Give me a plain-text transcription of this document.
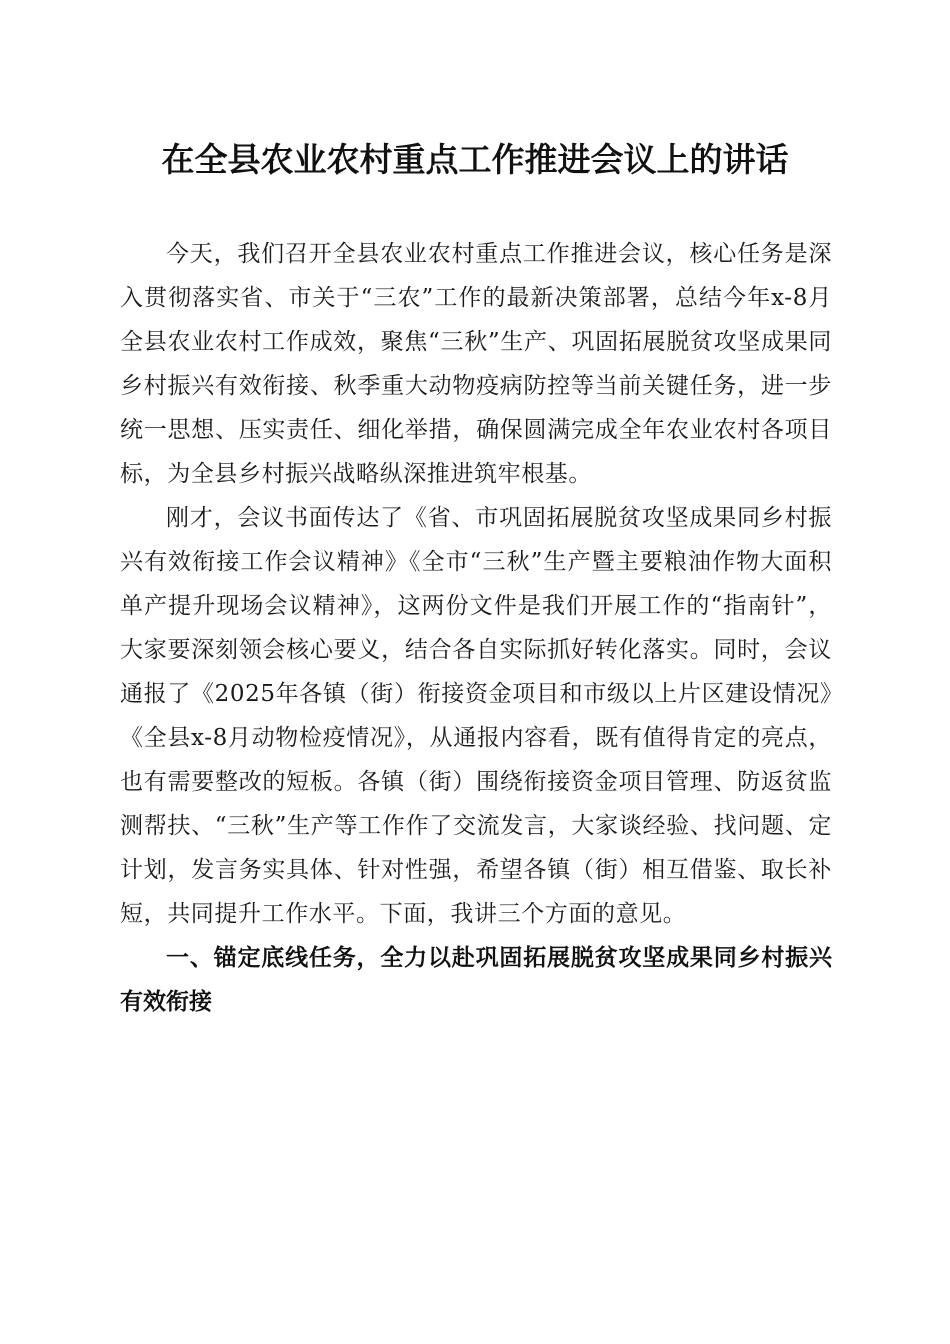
在全县农业农村重点工作推进会议上的讲话

今天，我们召开全县农业农村重点工作推进会议，核心任务是深入贯彻落实省、市关于“三农”工作的最新决策部署，总结今年x-8月全县农业农村工作成效，聚焦“三秋”生产、巩固拓展脱贫攻坚成果同乡村振兴有效衔接、秋季重大动物疫病防控等当前关键任务，进一步统一思想、压实责任、细化举措，确保圆满完成全年农业农村各项目标，为全县乡村振兴战略纵深推进筑牢根基。

刚才，会议书面传达了《省、市巩固拓展脱贫攻坚成果同乡村振兴有效衔接工作会议精神》《全市“三秋”生产暨主要粮油作物大面积单产提升现场会议精神》，这两份文件是我们开展工作的“指南针”，大家要深刻领会核心要义，结合各自实际抓好转化落实。同时，会议通报了《2025年各镇（街）衔接资金项目和市级以上片区建设情况》《全县x-8月动物检疫情况》，从通报内容看，既有值得肯定的亮点，也有需要整改的短板。各镇（街）围绕衔接资金项目管理、防返贫监测帮扶、“三秋”生产等工作作了交流发言，大家谈经验、找问题、定计划，发言务实具体、针对性强，希望各镇（街）相互借鉴、取长补短，共同提升工作水平。下面，我讲三个方面的意见。

一、锚定底线任务，全力以赴巩固拓展脱贫攻坚成果同乡村振兴有效衔接
